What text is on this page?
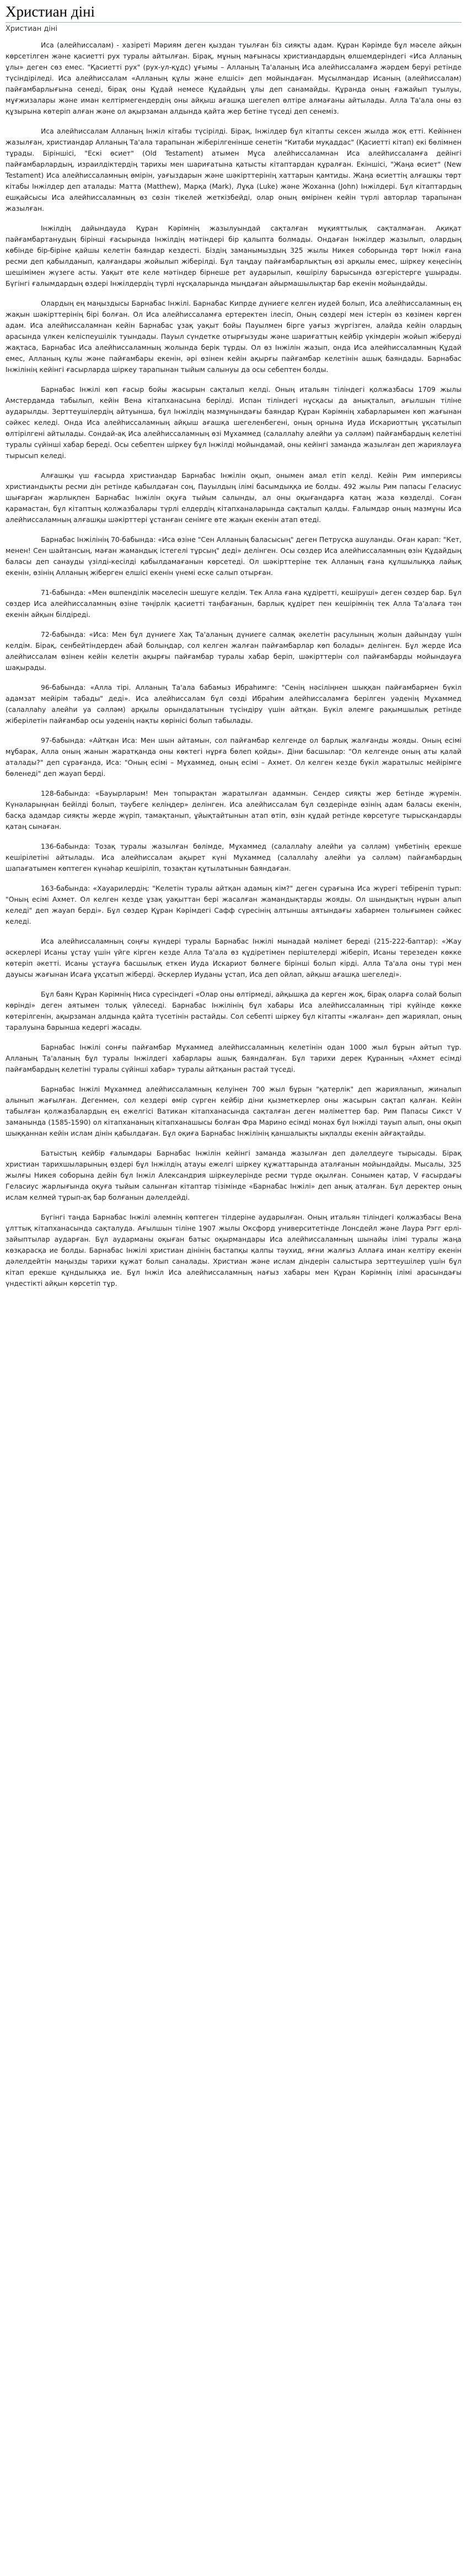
Христиан діні
Христиан діні

Иса (алейһиссалам) - хазіреті Мәриям деген қыздан туылған біз сияқты адам. Құран Кәрімде бұл мәселе айқын көрсетілген және қасиетті рух туралы айтылған. Бірақ, мұның мағынасы христиандардың өлшемдеріндегі «Иса Алланың ұлы» деген сөз емес. "Қасиетті рух" (рух-ул-құдс) ұғымы – Алланың Та'аланың Иса алейһиссаламға жәрдем беруі ретінде түсіндіріледі. Иса алейһиссалам «Алланың құлы және елшісі» деп мойындаған. Мұсылмандар Исаның (алейһиссалам) пайғамбарлығына сенеді, бірақ оны Құдай немесе Құдайдың ұлы деп санамайды. Құранда оның ғажайып туылуы, мұғжизалары және иман келтірмегендердің оны айқыш ағашқа шегелеп өлтіре алмағаны айтылады. Алла Та'ала оны өз құзырына көтеріп алған және ол ақырзаман алдында қайта жер бетіне түседі деп сенеміз.

Иса алейһиссалам Алланың Інжіл кітабы түсірілді. Бірақ, Інжілдер бұл кітапты сексен жылда жоқ етті. Кейіннен жазылған, христиандар Алланың Та'ала тарапынан жіберілгенінше сенетін "Китаби муқаддас" (Қасиетті кітап) екі бөлімнен тұрады. Біріншісі, "Ескі өсиет" (Old Testament) атымен Мұса алейһиссаламнан Иса алейһиссаламға дейінгі пайғамбарлардың, израилдіктердің тарихы мен шариғатына қатысты кітаптардан құралған. Екіншісі, "Жаңа өсиет" (New Testament) Иса алейһиссаламның өмірін, уағыздарын және шәкірттерінің хаттарын қамтиды. Жаңа өсиеттің алғашқы төрт кітабы Інжілдер деп аталады: Матта (Matthew), Марқа (Mark), Лұқа (Luke) және Жоханна (John) Інжілдері. Бұл кітаптардың ешқайсысы Иса алейһиссаламның өз сөзін тікелей жеткізбейді, олар оның өмірінен кейін түрлі авторлар тарапынан жазылған.

Інжілдің дайындауда Құран Кәрімнің жазылуындай сақталған мұқияттылық сақталмаған. Ақиқат пайғамбартанудың бірінші ғасырында Інжілдің мәтіндері бір қалыпта болмады. Ондаған Інжілдер жазылып, олардың көбінде бір-біріне қайшы келетін баяндар кездесті. Біздің заманымыздың 325 жылы Никея соборында төрт Інжіл ғана ресми деп қабылданып, қалғандары жойылып жіберілді. Бұл таңдау пайғамбарлықтың өзі арқылы емес, шіркеу кеңесінің шешімімен жүзеге асты. Уақыт өте келе мәтіндер бірнеше рет аударылып, көшірілу барысында өзгерістерге ұшырады. Бүгінгі ғалымдардың өздері Інжілдердің түрлі нұсқаларында мыңдаған айырмашылықтар бар екенін мойындайды.

Олардың ең маңыздысы Барнабас Інжілі. Барнабас Кипрде дүниеге келген иудей болып, Иса алейһиссаламның ең жақын шәкірттерінің бірі болған. Ол Иса алейһиссаламға ертеректен ілесіп, Оның сөздері мен істерін өз көзімен көрген адам. Иса алейһиссаламнан кейін Барнабас ұзақ уақыт бойы Пауылмен бірге уағыз жүргізген, алайда кейін олардың арасында үлкен келіспеушілік туындады. Пауыл сүндетке отырғызуды және шариғаттың кейбір үкімдерін жойып жіберуді жақтаса, Барнабас Иса алейһиссаламның жолында берік тұрды. Ол өз Інжілін жазып, онда Иса алейһиссаламның Құдай емес, Алланың құлы және пайғамбары екенін, әрі өзінен кейін ақырғы пайғамбар келетінін ашық баяндады. Барнабас Інжілінің кейінгі ғасырларда шіркеу тарапынан тыйым салынуы да осы себептен болды.

Барнабас Інжілі көп ғасыр бойы жасырын сақталып келді. Оның итальян тіліндегі қолжазбасы 1709 жылы Амстердамда табылып, кейін Вена кітапханасына берілді. Испан тіліндегі нұсқасы да анықталып, ағылшын тіліне аударылды. Зерттеушілердің айтуынша, бұл Інжілдің мазмұнындағы баяндар Құран Кәрімнің хабарларымен көп жағынан сәйкес келеді. Онда Иса алейһиссаламның айқыш ағашқа шегеленбегені, оның орнына Иуда Искариоттың ұқсатылып өлтірілгені айтылады. Сондай-ақ Иса алейһиссаламның өзі Мұхаммед (салаллаһу алейһи уа сәлләм) пайғамбардың келетіні туралы сүйінші хабар береді. Осы себептен шіркеу бұл Інжілді мойындамай, оны кейінгі заманда жазылған деп жариялауға тырысып келеді.

Алғашқы үш ғасырда христиандар Барнабас Інжілін оқып, онымен амал етіп келді. Кейін Рим империясы христиандықты ресми дін ретінде қабылдаған соң, Пауылдың ілімі басымдыққа ие болды. 492 жылы Рим папасы Геласиус шығарған жарлықпен Барнабас Інжілін оқуға тыйым салынды, ал оны оқығандарға қатаң жаза көзделді. Соған қарамастан, бұл кітаптың қолжазбалары түрлі елдердің кітапханаларында сақталып қалды. Ғалымдар оның мазмұны Иса алейһиссаламның алғашқы шәкірттері ұстанған сенімге өте жақын екенін атап өтеді.

Барнабас Інжілінің 70-бабында: «Иса өзіне "Сен Алланың баласысың" деген Петрусқа ашуланды. Оған қарап: "Кет, менен! Сен шайтансың, маған жамандық істегелі тұрсың" деді» делінген. Осы сөздер Иса алейһиссаламның өзін Құдайдың баласы деп санауды үзілді-кесілді қабылдамағанын көрсетеді. Ол шәкірттеріне тек Алланың ғана құлшылыққа лайық екенін, өзінің Алланың жіберген елшісі екенін үнемі еске салып отырған.

71-бабында: «Мен өшпенділік мәселесін шешуге келдім. Тек Алла ғана құдіретті, кешіруші» деген сөздер бар. Бұл сөздер Иса алейһиссаламның өзіне тәңірлік қасиетті таңбағанын, барлық құдірет пен кешірімнің тек Алла Та'алаға тән екенін айқын білдіреді.

72-бабында: «Иса: Мен бұл дүниеге Хақ Та'аланың дүниеге салмақ әкелетін расулының жолын дайындау үшін келдім. Бірақ, сенбейтіндерден абай болыңдар, сол келген жалған пайғамбарлар көп болады» делінген. Бұл жерде Иса алейһиссалам өзінен кейін келетін ақырғы пайғамбар туралы хабар беріп, шәкірттерін сол пайғамбарды мойындауға шақырады.

96-бабында: «Алла тірі. Алланың Та'ала бабамыз Ибраһимге: "Сенің нәсіліңнен шыққан пайғамбармен бүкіл адамзат мейірім табады" деді». Иса алейһиссалам бұл сөзді Ибраһим алейһиссаламға берілген уәденің Мұхаммед (салаллаһу алейһи уа сәлләм) арқылы орындалатынын түсіндіру үшін айтқан. Бүкіл әлемге рақымшылық ретінде жіберілетін пайғамбар осы уәденің нақты көрінісі болып табылады.

97-бабында: «Айтқан Иса: Мен шын айтамын, сол пайғамбар келгенде ол барлық жалғанды жояды. Оның есімі мұбарак, Алла оның жанын жаратқанда оны көктегі нұрға бөлеп қойды». Діни басшылар: "Ол келгенде оның аты қалай аталады?" деп сұрағанда, Иса: "Оның есімі – Мұхаммед, оның есімі – Ахмет. Ол келген кезде бүкіл жаратылыс мейірімге бөленеді" деп жауап берді.

128-бабында: «Бауырларым! Мен топырақтан жаратылған адаммын. Сендер сияқты жер бетінде жүремін. Күнәларыңнан бейілді болып, тәубеге келіңдер» делінген. Иса алейһиссалам бұл сөздерінде өзінің адам баласы екенін, басқа адамдар сияқты жерде жүріп, тамақтанып, ұйықтайтынын атап өтіп, өзін құдай ретінде көрсетуге тырысқандарды қатаң сынаған.

136-бабында: Тозақ туралы жазылған бөлімде, Мұхаммед (салаллаһу алейһи уа сәлләм) үмбетінің ерекше кешірілетіні айтылады. Иса алейһиссалам ақырет күні Мұхаммед (салаллаһу алейһи уа сәлләм) пайғамбардың шапағатымен көптеген күнәһар кешіріліп, тозақтан құтылатынын баяндаған.

163-бабында: «Хауарилердің: "Келетін туралы айтқан адамың кім?" деген сұрағына Иса жүрегі тебіреніп тұрып: "Оның есімі Ахмет. Ол келген кезде ұзақ уақыттан бері жасалған жамандықтарды жояды. Ол шындықтың нұрын алып келеді" деп жауап берді». Бұл сөздер Құран Кәрімдегі Сафф сүресінің алтыншы аятындағы хабармен толығымен сәйкес келеді.

Иса алейһиссаламның соңғы күндері туралы Барнабас Інжілі мынадай мәлімет береді (215-222-баптар): «Жау әскерлері Исаны ұстау үшін үйге кірген кезде Алла Та'ала өз құдіретімен періштелерді жіберіп, Исаны терезеден көкке көтеріп әкетті. Исаны ұстауға басшылық еткен Иуда Искариот бөлмеге бірінші болып кірді. Алла Та'ала оны түрі мен дауысы жағынан Исаға ұқсатып жіберді. Әскерлер Иуданы ұстап, Иса деп ойлап, айқыш ағашқа шегеледі».

Бұл баян Құран Кәрімнің Ниса сүресіндегі «Олар оны өлтірмеді, айқышқа да керген жоқ, бірақ оларға солай болып көрінді» деген аятымен толық үйлеседі. Барнабас Інжілінің бұл хабары Иса алейһиссаламның тірі күйінде көкке көтерілгенін, ақырзаман алдында қайта түсетінін растайды. Сол себепті шіркеу бұл кітапты «жалған» деп жариялап, оның таралуына барынша кедергі жасады.

Барнабас Інжілі сонғы пайғамбар Мұхаммед алейһиссаламның келетінін одан 1000 жыл бұрын айтып тұр. Алланың Та'аланың бұл туралы Інжілдегі хабарлары ашық баяндалған. Бұл тарихи дерек Құранның «Ахмет есімді пайғамбардың келетіні туралы сүйінші хабар» туралы айтқанын растай түседі.

Барнабас Інжілі Мұхаммед алейһиссаламның келуінен 700 жыл бұрын "қатерлік" деп жарияланып, жиналып алынып жағылған. Дегенмен, сол кездері өмір сүрген кейбір діни қызметкерлер оны жасырын сақтап қалған. Кейін табылған қолжазбалардың ең ежелгісі Ватикан кітапханасында сақталған деген мәліметтер бар. Рим Папасы Сикст V заманында (1585-1590) ол кітапхананың кітапханашысы болған Фра Марино есімді монах бұл Інжілді тауып алып, оны оқып шыққаннан кейін ислам дінін қабылдаған. Бұл оқиға Барнабас Інжілінің қаншалықты ықпалды екенін айғақтайды.

Батыстың кейбір ғалымдары Барнабас Інжілін кейінгі заманда жазылған деп дәлелдеуге тырысады. Бірақ христиан тарихшыларының өздері бұл Інжілдің атауы ежелгі шіркеу құжаттарында аталғанын мойындайды. Мысалы, 325 жылғы Никея соборына дейін бұл Інжіл Александрия шіркеулерінде ресми түрде оқылған. Сонымен қатар, V ғасырдағы Геласиус жарлығында оқуға тыйым салынған кітаптар тізімінде «Барнабас Інжілі» деп анық аталған. Бұл деректер оның ислам келмей тұрып-ақ бар болғанын дәлелдейді.

Бүгінгі таңда Барнабас Інжілі әлемнің көптеген тілдеріне аударылған. Оның итальян тіліндегі қолжазбасы Вена ұлттық кітапханасында сақталуда. Ағылшын тіліне 1907 жылы Оксфорд университетінде Лонсдейл және Лаура Рэгг ерлі-зайыптылар аударған. Бұл аударманы оқыған батыс оқырмандары Иса алейһиссаламның шынайы ілімі туралы жаңа көзқарасқа ие болды. Барнабас Інжілі христиан дінінің бастапқы қалпы тәухид, яғни жалғыз Аллаға иман келтіру екенін дәлелдейтін маңызды тарихи құжат болып саналады. Христиан және ислам діндерін салыстыра зерттеушілер үшін бұл кітап ерекше құндылыққа ие. Бұл Інжіл Иса алейһиссаламның нағыз хабары мен Құран Кәрімнің ілімі арасындағы үндестікті айқын көрсетіп тұр.
